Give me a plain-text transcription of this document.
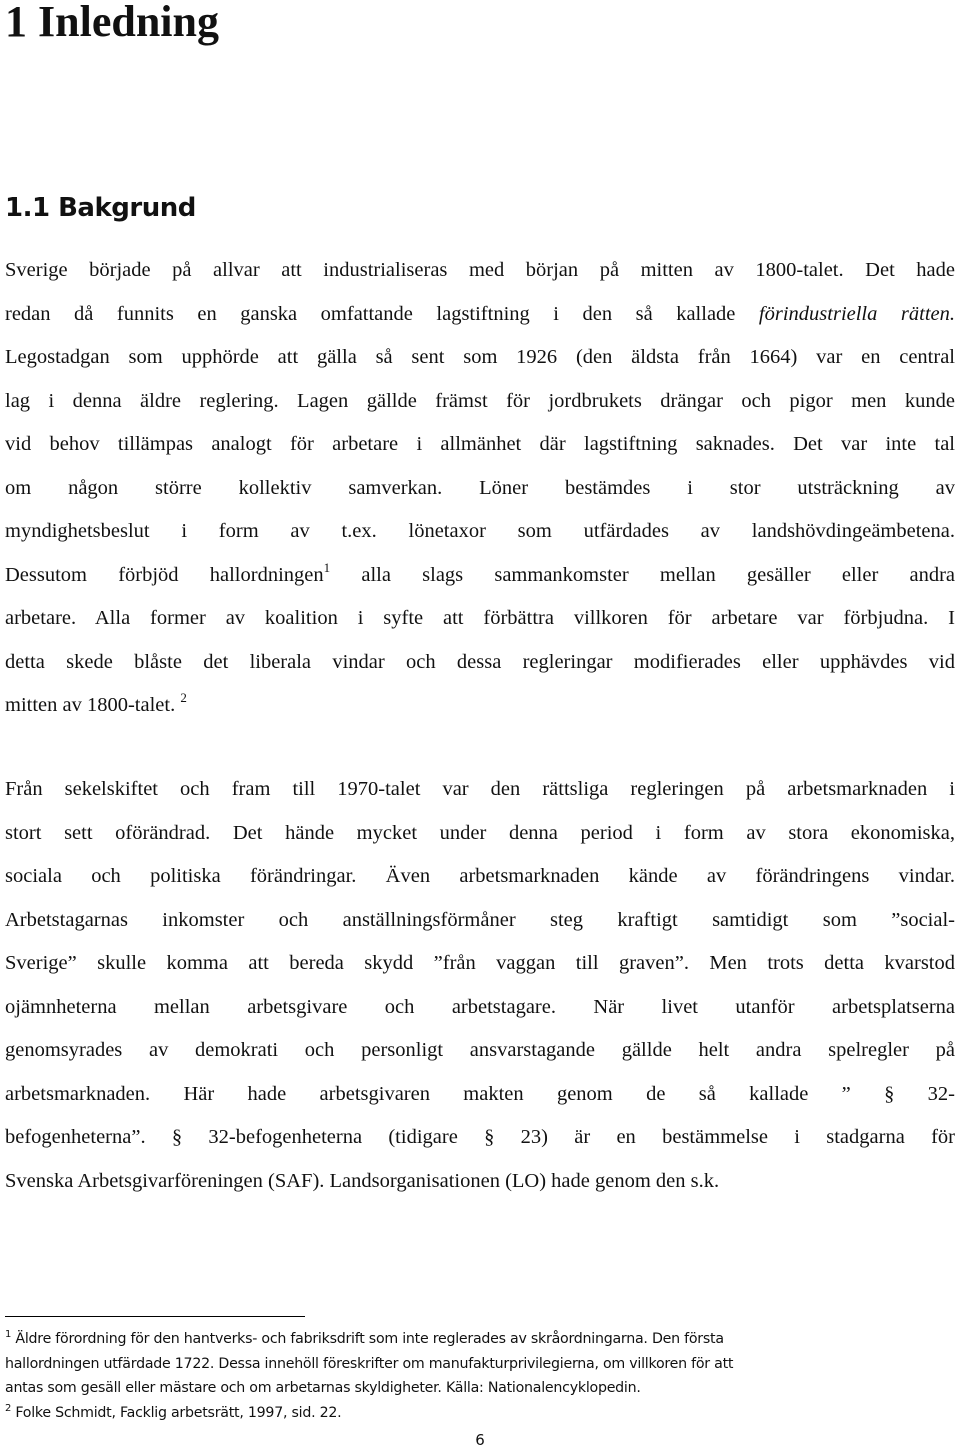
1 Inledning
1.1 Bakgrund
Sverige började på allvar att industrialiseras med början på mitten av 1800-talet. Det hade
redan då funnits en ganska omfattande lagstiftning i den så kallade förindustriella rätten.
Legostadgan som upphörde att gälla så sent som 1926 (den äldsta från 1664) var en central
lag i denna äldre reglering. Lagen gällde främst för jordbrukets drängar och pigor men kunde
vid behov tillämpas analogt för arbetare i allmänhet där lagstiftning saknades. Det var inte tal
om någon större kollektiv samverkan. Löner bestämdes i stor utsträckning av
myndighetsbeslut i form av t.ex. lönetaxor som utfärdades av landshövdingeämbetena.
Dessutom förbjöd hallordningen$^1$ alla slags sammankomster mellan gesäller eller andra
arbetare. Alla former av koalition i syfte att förbättra villkoren för arbetare var förbjudna. I
detta skede blåste det liberala vindar och dessa regleringar modifierades eller upphävdes vid
mitten av 1800-talet. $^2$
Från sekelskiftet och fram till 1970-talet var den rättsliga regleringen på arbetsmarknaden i
stort sett oförändrad. Det hände mycket under denna period i form av stora ekonomiska,
sociala och politiska förändringar. Även arbetsmarknaden kände av förändringens vindar.
Arbetstagarnas inkomster och anställningsförmåner steg kraftigt samtidigt som ”social-
Sverige” skulle komma att bereda skydd ”från vaggan till graven”. Men trots detta kvarstod
ojämnheterna mellan arbetsgivare och arbetstagare. När livet utanför arbetsplatserna
genomsyrades av demokrati och personligt ansvarstagande gällde helt andra spelregler på
arbetsmarknaden. Här hade arbetsgivaren makten genom de så kallade ” § 32-
befogenheterna”. § 32-befogenheterna (tidigare § 23) är en bestämmelse i stadgarna för
Svenska Arbetsgivarföreningen (SAF). Landsorganisationen (LO) hade genom den s.k.
$^1$ Äldre förordning för den hantverks- och fabriksdrift som inte reglerades av skråordningarna. Den första
hallordningen utfärdade 1722. Dessa innehöll föreskrifter om manufakturprivilegierna, om villkoren för att
antas som gesäll eller mästare och om arbetarnas skyldigheter. Källa: Nationalencyklopedin.
$^2$ Folke Schmidt, Facklig arbetsrätt, 1997, sid. 22.
6
